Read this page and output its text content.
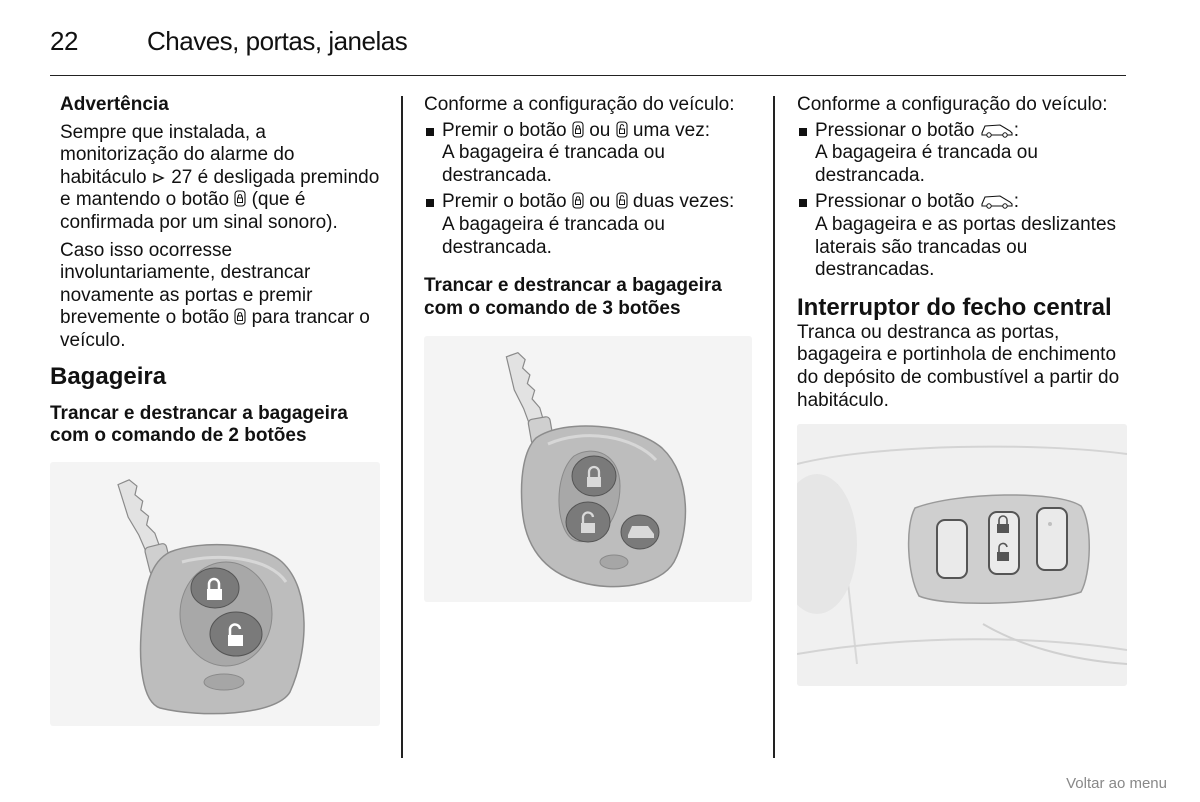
22	Chaves, portas, janelas

Advertência

Sempre que instalada, a monitorização do alarme do habitáculo 27 é desligada premindo e mantendo o botão (que é confirmada por um sinal sonoro).

Caso isso ocorresse involuntariamente, destrancar novamente as portas e premir brevemente o botão para trancar o veículo.

Bagageira

Trancar e destrancar a bagageira com o comando de 2 botões

Conforme a configuração do veículo:

Premir o botão ou uma vez:
A bagageira é trancada ou destrancada.
Premir o botão ou duas vezes:
A bagageira é trancada ou destrancada.

Trancar e destrancar a bagageira com o comando de 3 botões

Conforme a configuração do veículo:

Pressionar o botão :
A bagageira é trancada ou destrancada.
Pressionar o botão :
A bagageira e as portas deslizantes laterais são trancadas ou destrancadas.
Interruptor do fecho central

Tranca ou destranca as portas, bagageira e portinhola de enchimento do depósito de combustível a partir do habitáculo.

Voltar ao menu
